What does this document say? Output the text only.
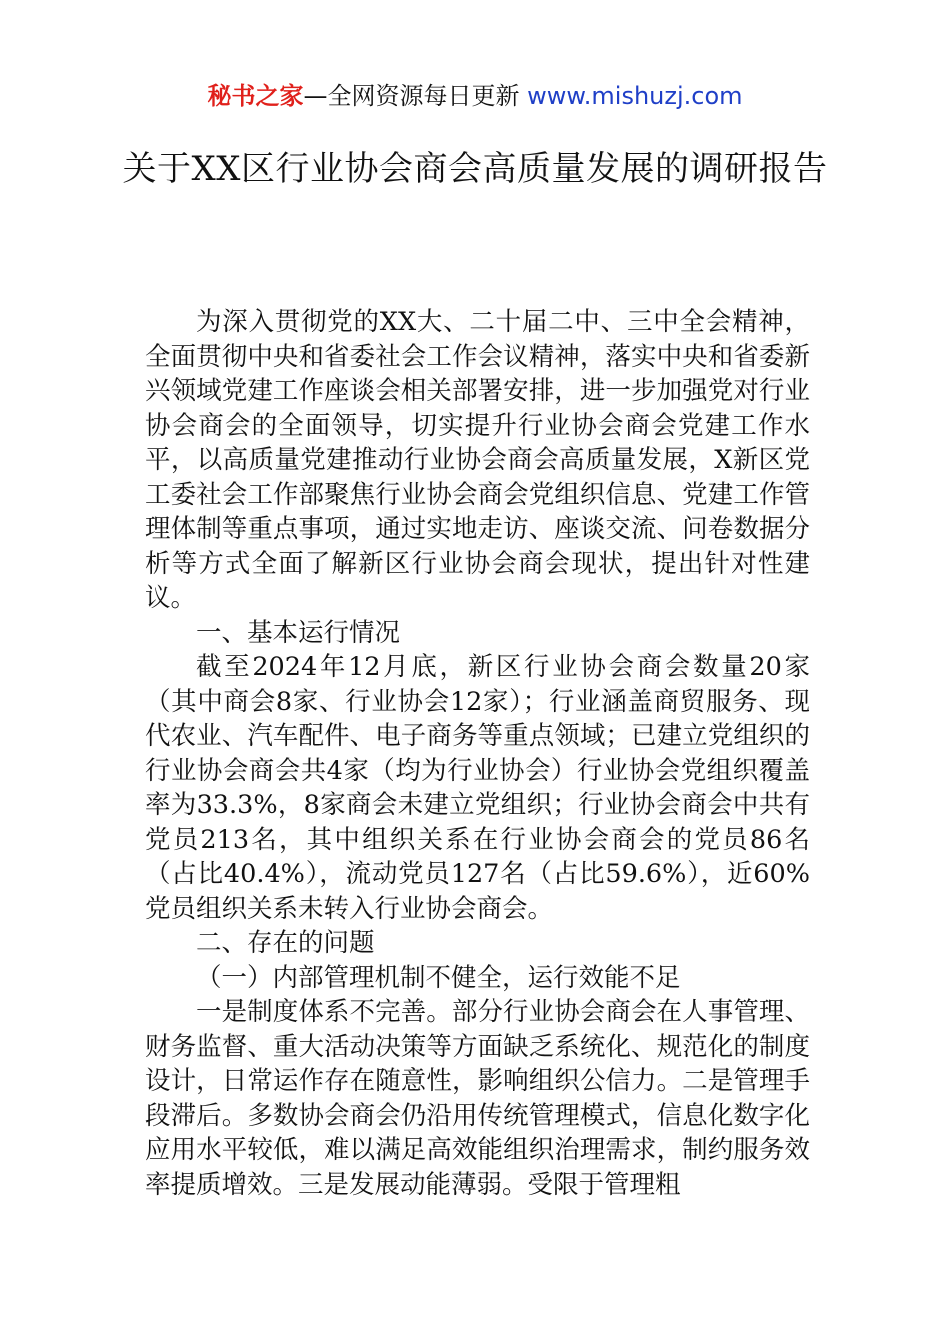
秘书之家—全网资源每日更新 www.mishuzj.com
关于XX区行业协会商会高质量发展的调研报告

为深入贯彻党的XX大、二十届二中、三中全会精神，全面贯彻中央和省委社会工作会议精神，落实中央和省委新兴领域党建工作座谈会相关部署安排，进一步加强党对行业协会商会的全面领导，切实提升行业协会商会党建工作水平，以高质量党建推动行业协会商会高质量发展，X新区党工委社会工作部聚焦行业协会商会党组织信息、党建工作管理体制等重点事项，通过实地走访、座谈交流、问卷数据分析等方式全面了解新区行业协会商会现状，提出针对性建议。

一、基本运行情况

截至2024年12月底，新区行业协会商会数量20家（其中商会8家、行业协会12家）；行业涵盖商贸服务、现代农业、汽车配件、电子商务等重点领域；已建立党组织的行业协会商会共4家（均为行业协会）行业协会党组织覆盖率为33.3%，8家商会未建立党组织；行业协会商会中共有党员213名，其中组织关系在行业协会商会的党员86名（占比40.4%），流动党员127名（占比59.6%），近60%党员组织关系未转入行业协会商会。

二、存在的问题

（一）内部管理机制不健全，运行效能不足

一是制度体系不完善。部分行业协会商会在人事管理、财务监督、重大活动决策等方面缺乏系统化、规范化的制度设计，日常运作存在随意性，影响组织公信力。二是管理手段滞后。多数协会商会仍沿用传统管理模式，信息化数字化应用水平较低，难以满足高效能组织治理需求，制约服务效率提质增效。三是发展动能薄弱。受限于管理粗
